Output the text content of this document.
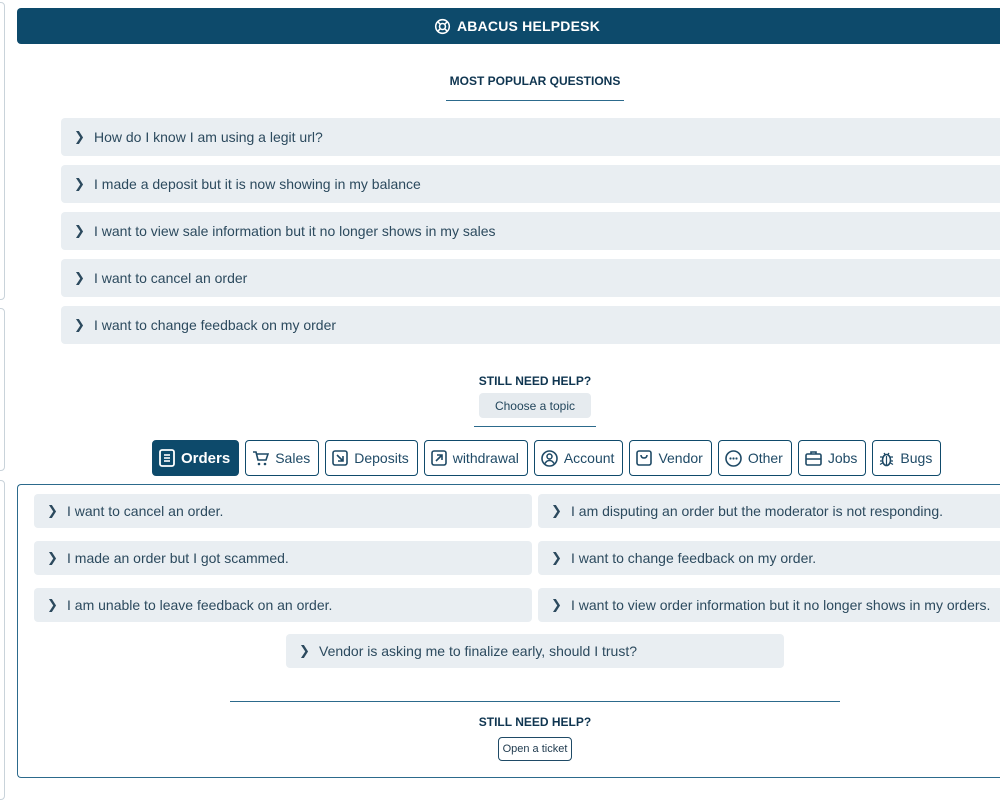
ABACUS HELPDESK
MOST POPULAR QUESTIONS
❯ How do I know I am using a legit url?
❯ I made a deposit but it is now showing in my balance
❯ I want to view sale information but it no longer shows in my sales
❯ I want to cancel an order
❯ I want to change feedback on my order
STILL NEED HELP?
Choose a topic
Orders	Sales	Deposits	withdrawal	Account	Vendor	Other	Jobs	Bugs
❯ I want to cancel an order.	❯ I am disputing an order but the moderator is not responding.
❯ I made an order but I got scammed.	❯ I want to change feedback on my order.
❯ I am unable to leave feedback on an order.	❯ I want to view order information but it no longer shows in my orders.
❯ Vendor is asking me to finalize early, should I trust?
STILL NEED HELP?
Open a ticket
